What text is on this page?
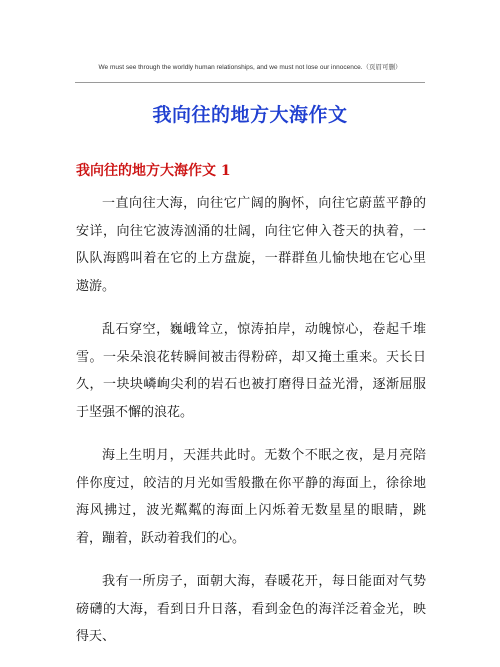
We must see through the worldly human relationships, and we must not lose our innocence.（页眉可删）
我向往的地方大海作文
我向往的地方大海作文 1

一直向往大海，向往它广阔的胸怀，向往它蔚蓝平静的安详，向往它波涛汹涌的壮阔，向往它伸入苍天的执着，一队队海鸥叫着在它的上方盘旋，一群群鱼儿愉快地在它心里遨游。

乱石穿空，巍峨耸立，惊涛拍岸，动魄惊心，卷起千堆雪。一朵朵浪花转瞬间被击得粉碎，却又掩土重来。天长日久，一块块嶙峋尖利的岩石也被打磨得日益光滑，逐渐屈服于坚强不懈的浪花。

海上生明月，天涯共此时。无数个不眠之夜，是月亮陪伴你度过，皎洁的月光如雪般撒在你平静的海面上，徐徐地海风拂过，波光粼粼的海面上闪烁着无数星星的眼睛，跳着，蹦着，跃动着我们的心。

我有一所房子，面朝大海，春暖花开，每日能面对气势磅礴的大海，看到日升日落，看到金色的海洋泛着金光，映得天、
